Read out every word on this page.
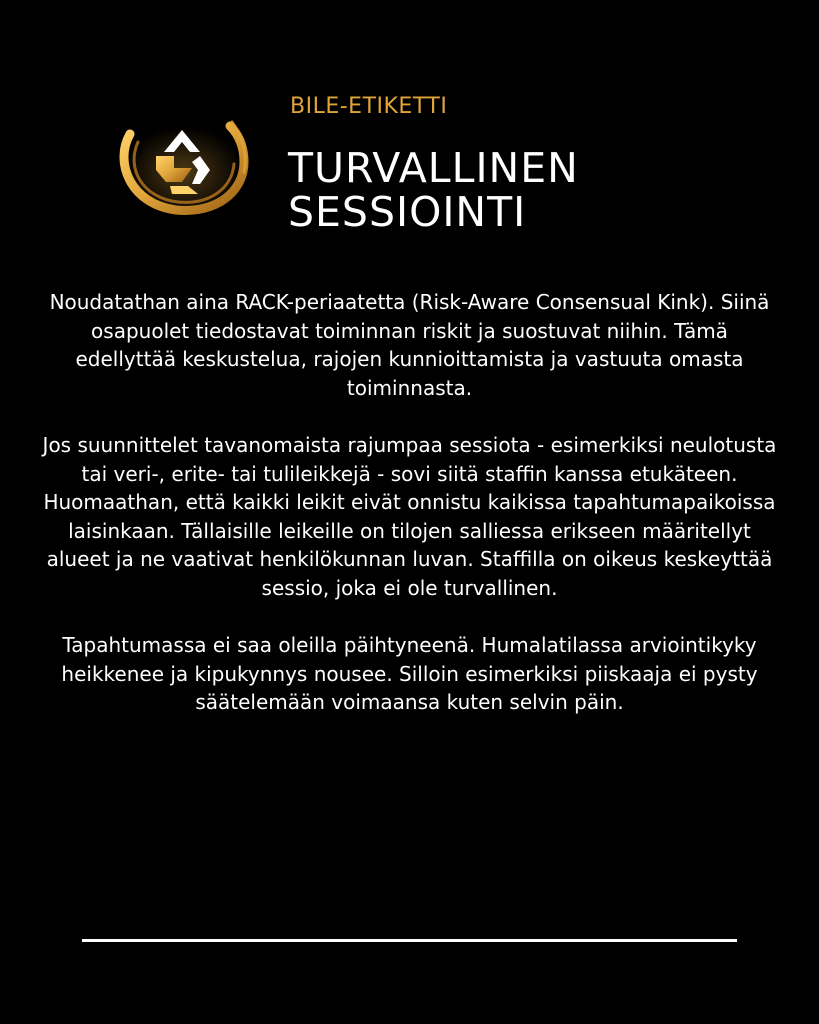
BILE-ETIKETTI
TURVALLINEN
SESSIOINTI

Noudatathan aina RACK-periaatetta (Risk-Aware Consensual Kink). Siinä osapuolet tiedostavat toiminnan riskit ja suostuvat niihin. Tämä edellyttää keskustelua, rajojen kunnioittamista ja vastuuta omasta toiminnasta.

Jos suunnittelet tavanomaista rajumpaa sessiota - esimerkiksi neulotusta tai veri-, erite- tai tulileikkejä - sovi siitä staffin kanssa etukäteen. Huomaathan, että kaikki leikit eivät onnistu kaikissa tapahtumapaikoissa laisinkaan. Tällaisille leikeille on tilojen salliessa erikseen määritellyt alueet ja ne vaativat henkilökunnan luvan. Staffilla on oikeus keskeyttää sessio, joka ei ole turvallinen.

Tapahtumassa ei saa oleilla päihtyneenä. Humalatilassa arviointikyky heikkenee ja kipukynnys nousee. Silloin esimerkiksi piiskaaja ei pysty säätelemään voimaansa kuten selvin päin.
